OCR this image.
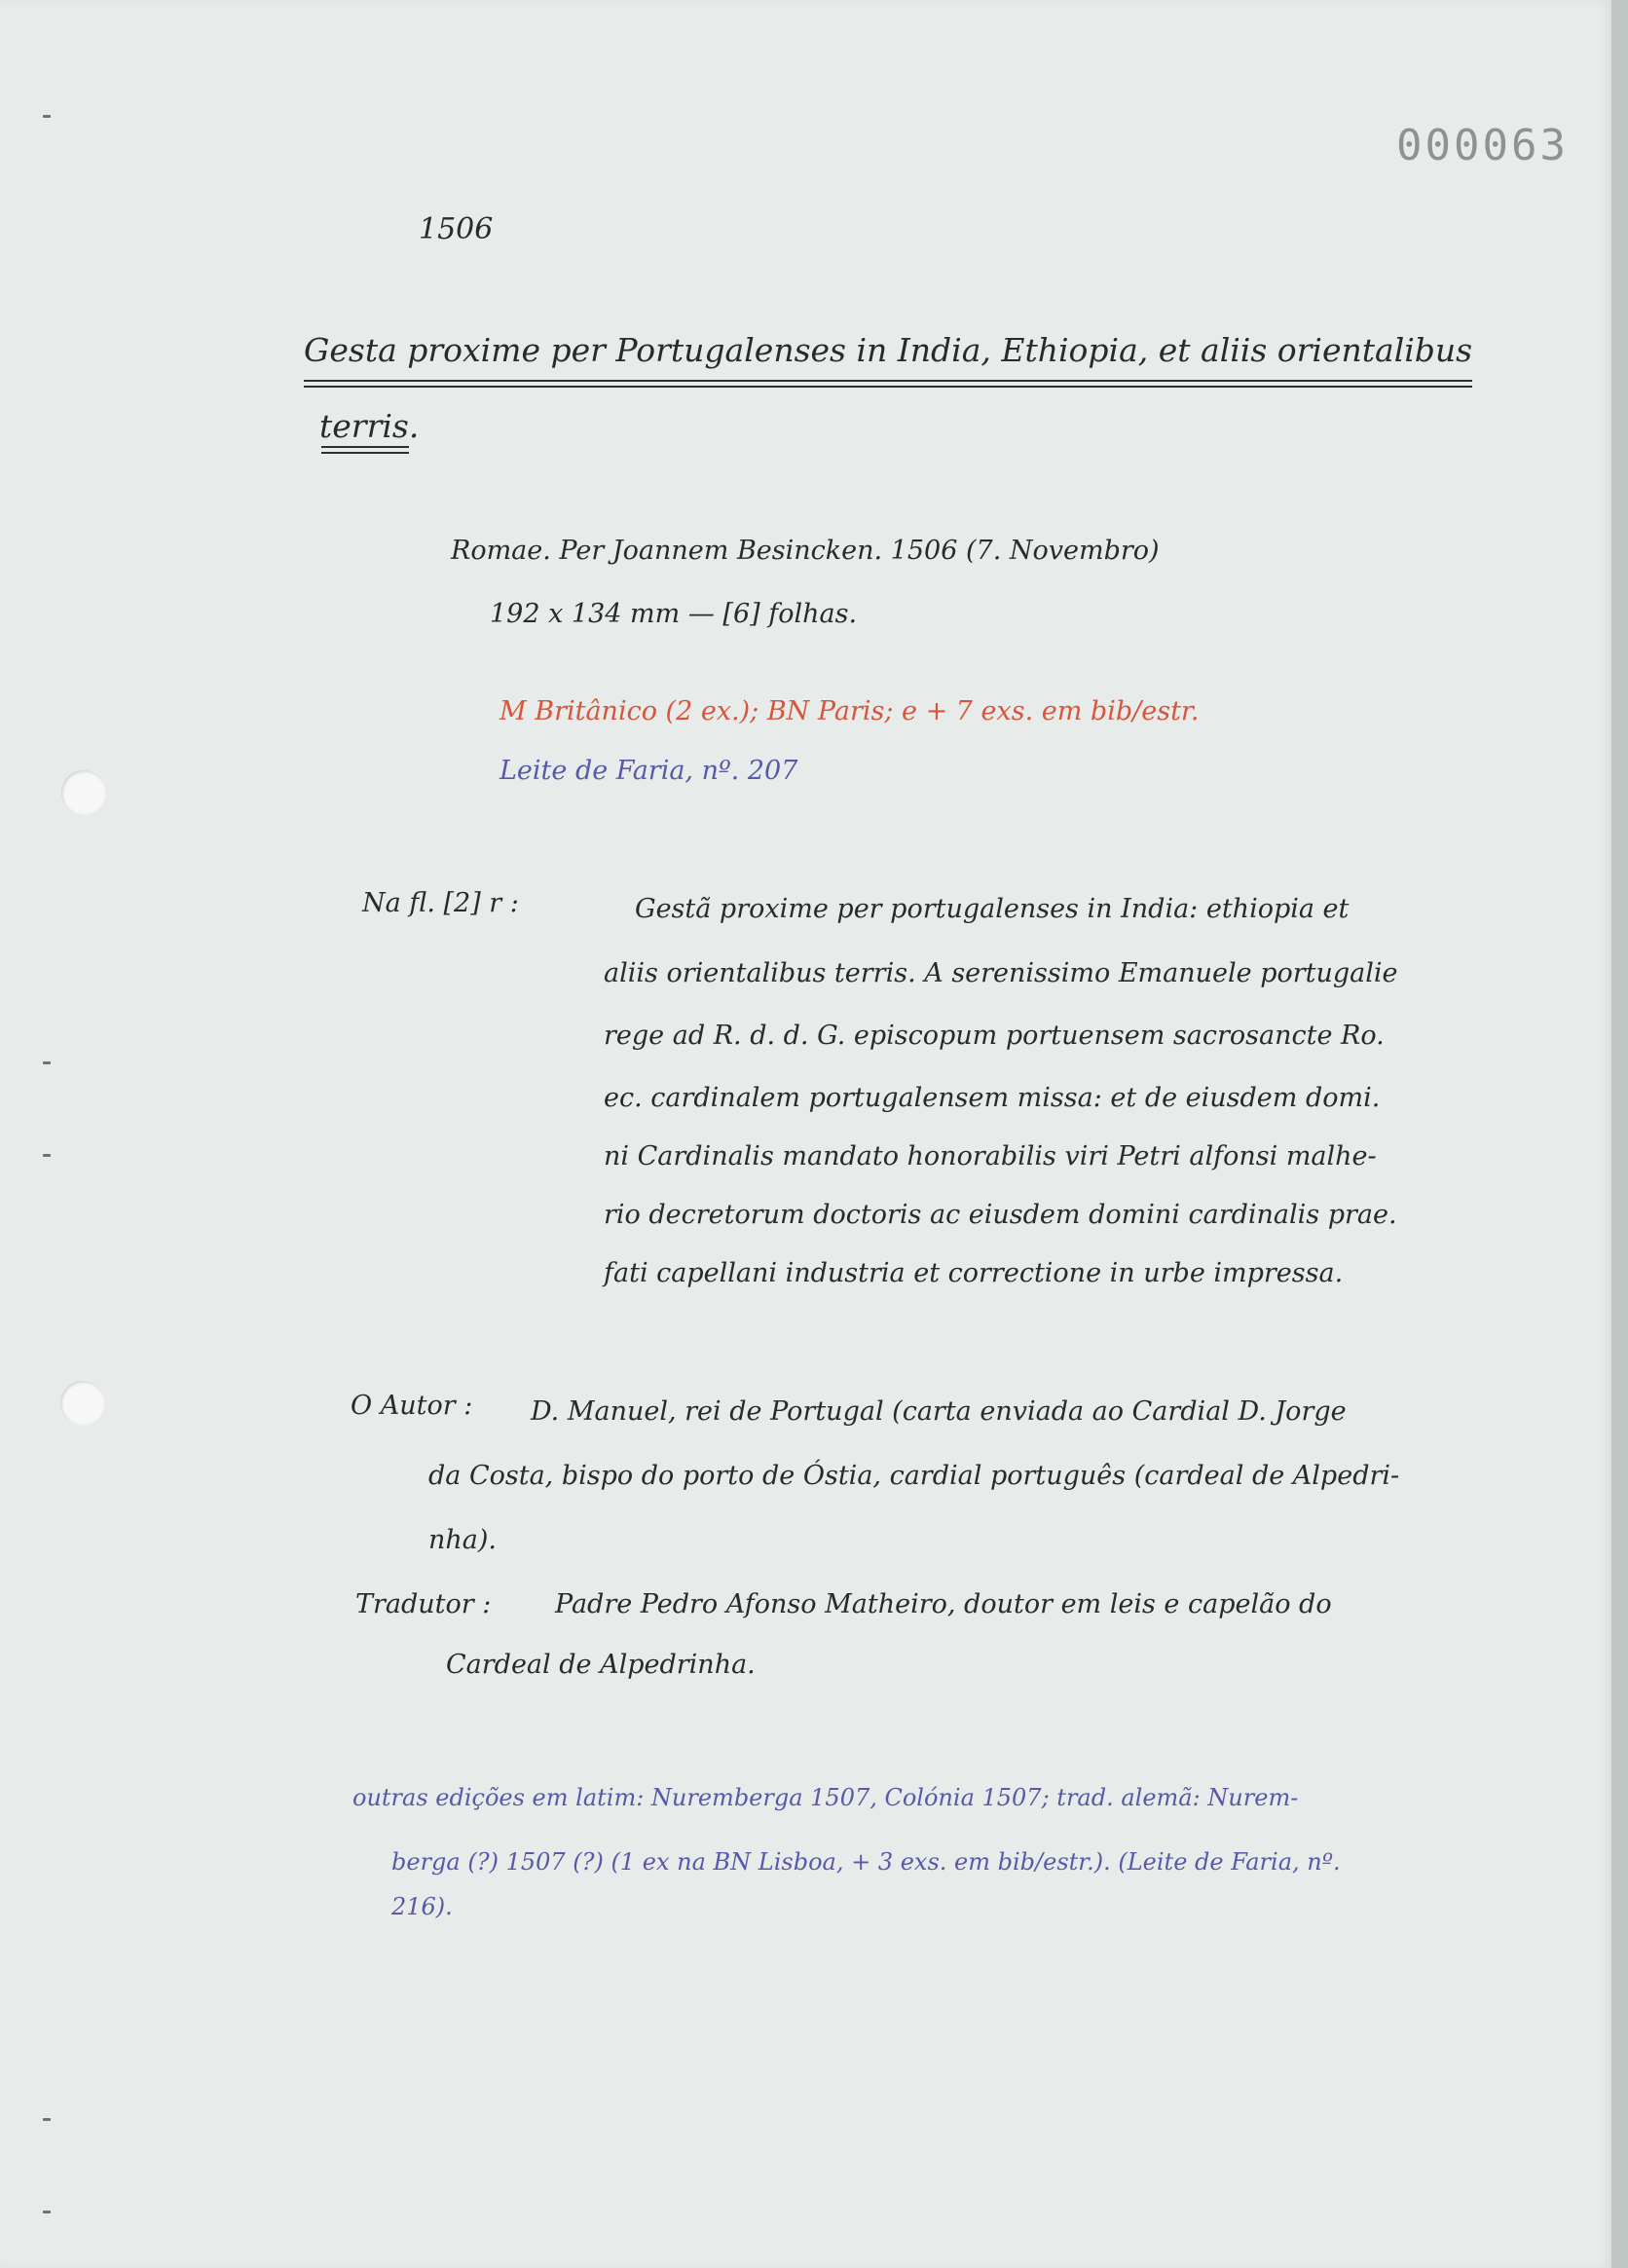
000063
1506
Gesta proxime per Portugalenses in India, Ethiopia, et aliis orientalibus
terris.
Romae. Per Joannem Besincken. 1506 (7. Novembro)
192 x 134 mm — [6] folhas.
M Britânico (2 ex.); BN Paris; e + 7 exs. em bib/estr.
Leite de Faria, nº. 207
Na fl. [2] r :	Gestã proxime per portugalenses in India: ethiopia et
aliis orientalibus terris. A serenissimo Emanuele portugalie
rege ad R. d. d. G. episcopum portuensem sacrosancte Ro.
ec. cardinalem portugalensem missa: et de eiusdem domi.
ni Cardinalis mandato honorabilis viri Petri alfonsi malhe-
rio decretorum doctoris ac eiusdem domini cardinalis prae.
fati capellani industria et correctione in urbe impressa.
O Autor : D. Manuel, rei de Portugal (carta enviada ao Cardial D. Jorge
da Costa, bispo do porto de Óstia, cardial português (cardeal de Alpedri-
nha).
Tradutor : Padre Pedro Afonso Matheiro, doutor em leis e capelão do
Cardeal de Alpedrinha.
outras edições em latim: Nuremberga 1507, Colónia 1507; trad. alemã: Nurem-
berga (?) 1507 (?) (1 ex na BN Lisboa, + 3 exs. em bib/estr.). (Leite de Faria, nº.
216).
